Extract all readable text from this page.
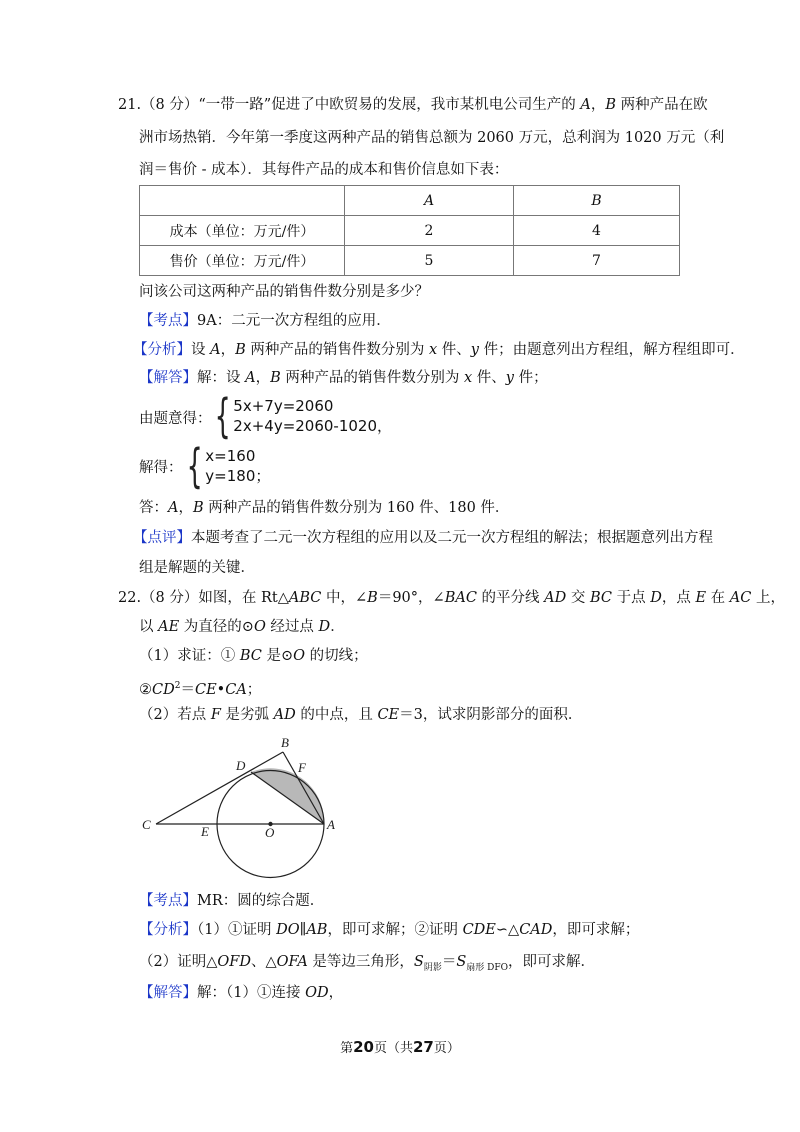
21.（8 分）“一带一路”促进了中欧贸易的发展，我市某机电公司生产的 A，B 两种产品在欧
洲市场热销．今年第一季度这两种产品的销售总额为 2060 万元，总利润为 1020 万元（利
润＝售价 - 成本）．其每件产品的成本和售价信息如下表：
	A	B
成本（单位：万元/件）	2	4
售价（单位：万元/件）	5	7
问该公司这两种产品的销售件数分别是多少？
【考点】9A：二元一次方程组的应用．
【分析】设 A，B 两种产品的销售件数分别为 x 件、y 件；由题意列出方程组，解方程组即可．
【解答】解：设 A，B 两种产品的销售件数分别为 x 件、y 件；
由题意得： { 5x+7y=2060
2x+4y=2060-1020，
解得： { x=160
y=180；
答：A，B 两种产品的销售件数分别为 160 件、180 件．
【点评】本题考查了二元一次方程组的应用以及二元一次方程组的解法；根据题意列出方程
组是解题的关键．
22.（8 分）如图，在 Rt△ABC 中，∠B＝90°，∠BAC 的平分线 AD 交 BC 于点 D，点 E 在 AC 上，
以 AE 为直径的⊙O 经过点 D．
（1）求证：① BC 是⊙O 的切线；
$②CD^2=CE•CA$；
（2）若点 F 是劣弧 AD 的中点，且 CE＝3，试求阴影部分的面积．
B
D	F
C	E	O
A
【考点】MR：圆的综合题．
【分析】（1）①证明 DO∥AB，即可求解；②证明 CDE∽△CAD，即可求解；
（2）证明△OFD、△OFA 是等边三角形，$S_{阴影}=S_{扇形 DFO}$，即可求解．
【解答】解：（1）①连接 OD，
第20页（共27页）
